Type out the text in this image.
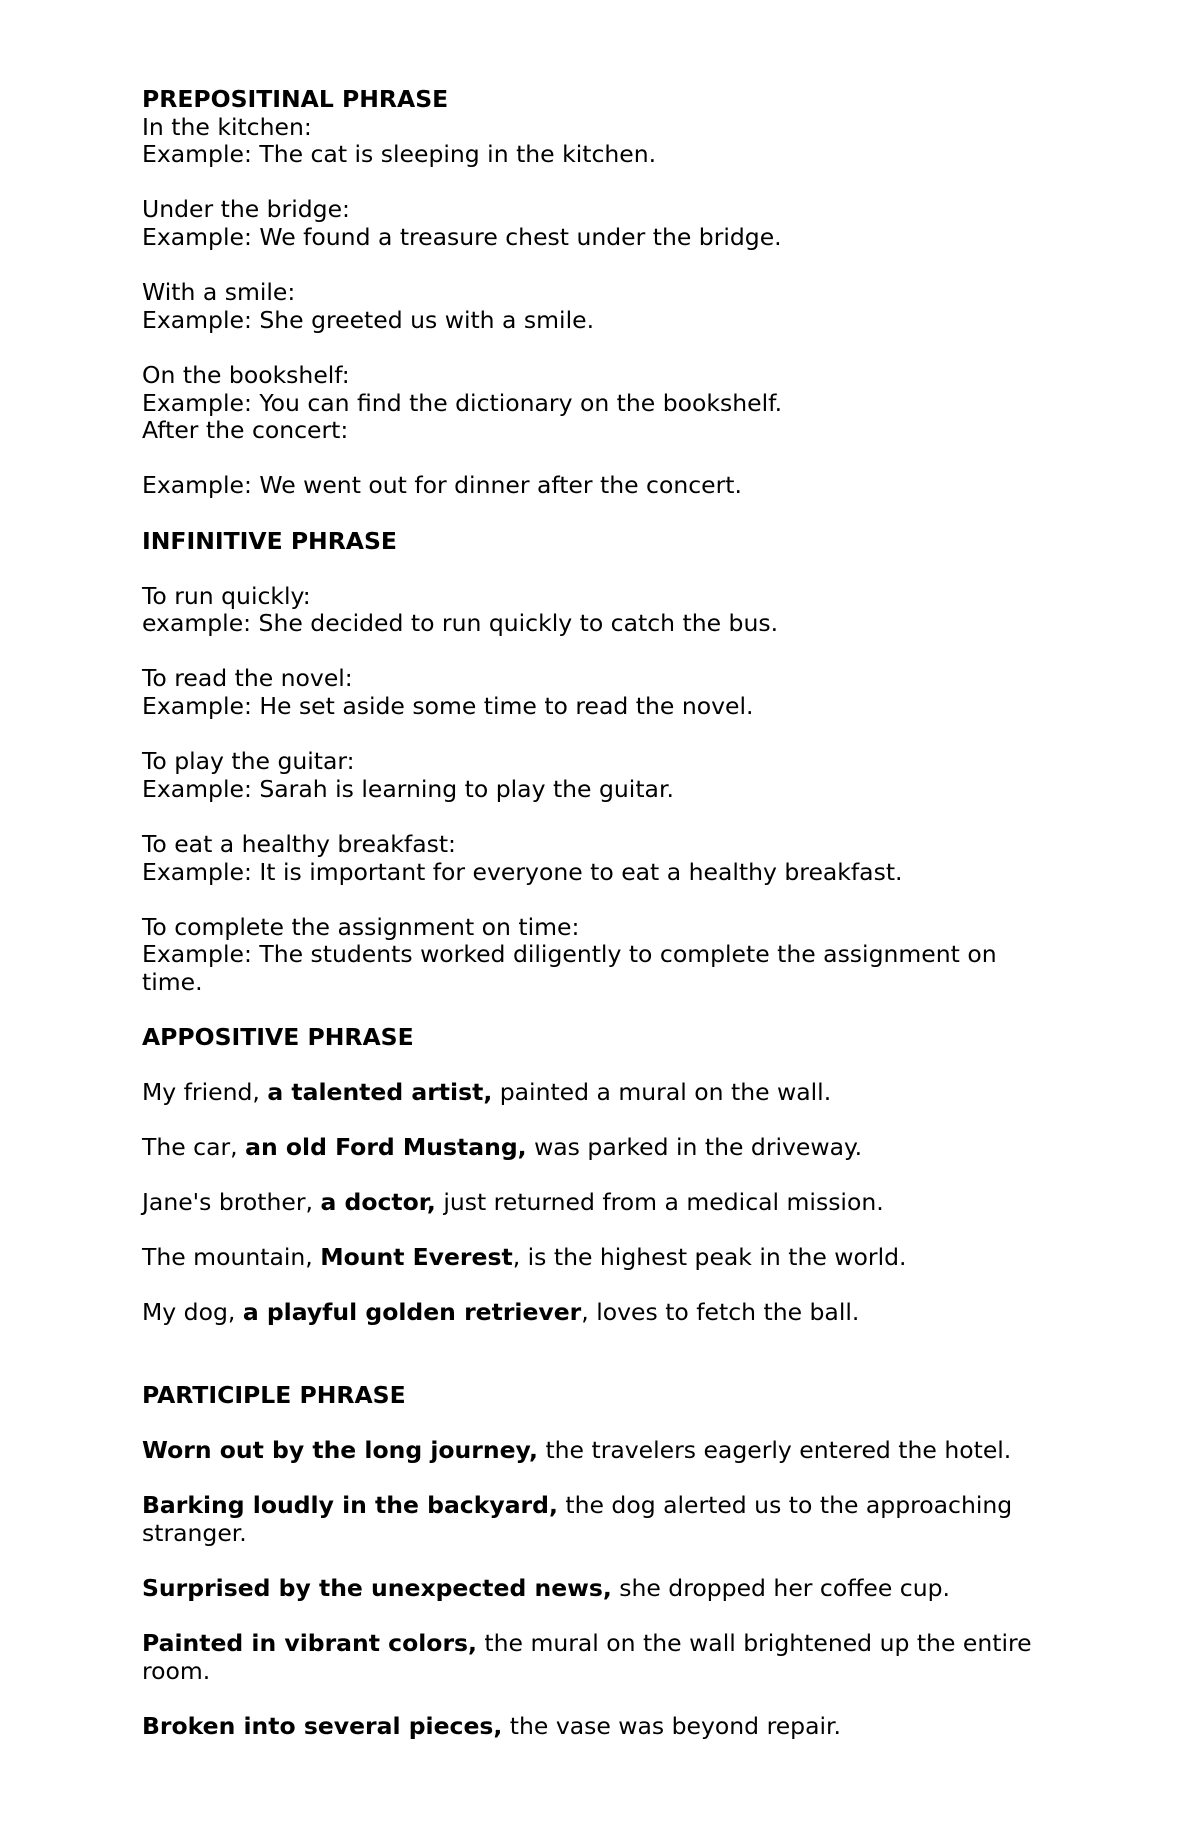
PREPOSITINAL PHRASE
In the kitchen:
Example: The cat is sleeping in the kitchen.
Under the bridge:
Example: We found a treasure chest under the bridge.
With a smile:
Example: She greeted us with a smile.
On the bookshelf:
Example: You can find the dictionary on the bookshelf.
After the concert:
Example: We went out for dinner after the concert.
INFINITIVE PHRASE
To run quickly:
example: She decided to run quickly to catch the bus.
To read the novel:
Example: He set aside some time to read the novel.
To play the guitar:
Example: Sarah is learning to play the guitar.
To eat a healthy breakfast:
Example: It is important for everyone to eat a healthy breakfast.
To complete the assignment on time:
Example: The students worked diligently to complete the assignment on time.
APPOSITIVE PHRASE
My friend, a talented artist, painted a mural on the wall.
The car, an old Ford Mustang, was parked in the driveway.
Jane's brother, a doctor, just returned from a medical mission.
The mountain, Mount Everest, is the highest peak in the world.
My dog, a playful golden retriever, loves to fetch the ball.
PARTICIPLE PHRASE
Worn out by the long journey, the travelers eagerly entered the hotel.
Barking loudly in the backyard, the dog alerted us to the approaching stranger.
Surprised by the unexpected news, she dropped her coffee cup.
Painted in vibrant colors, the mural on the wall brightened up the entire room.
Broken into several pieces, the vase was beyond repair.
